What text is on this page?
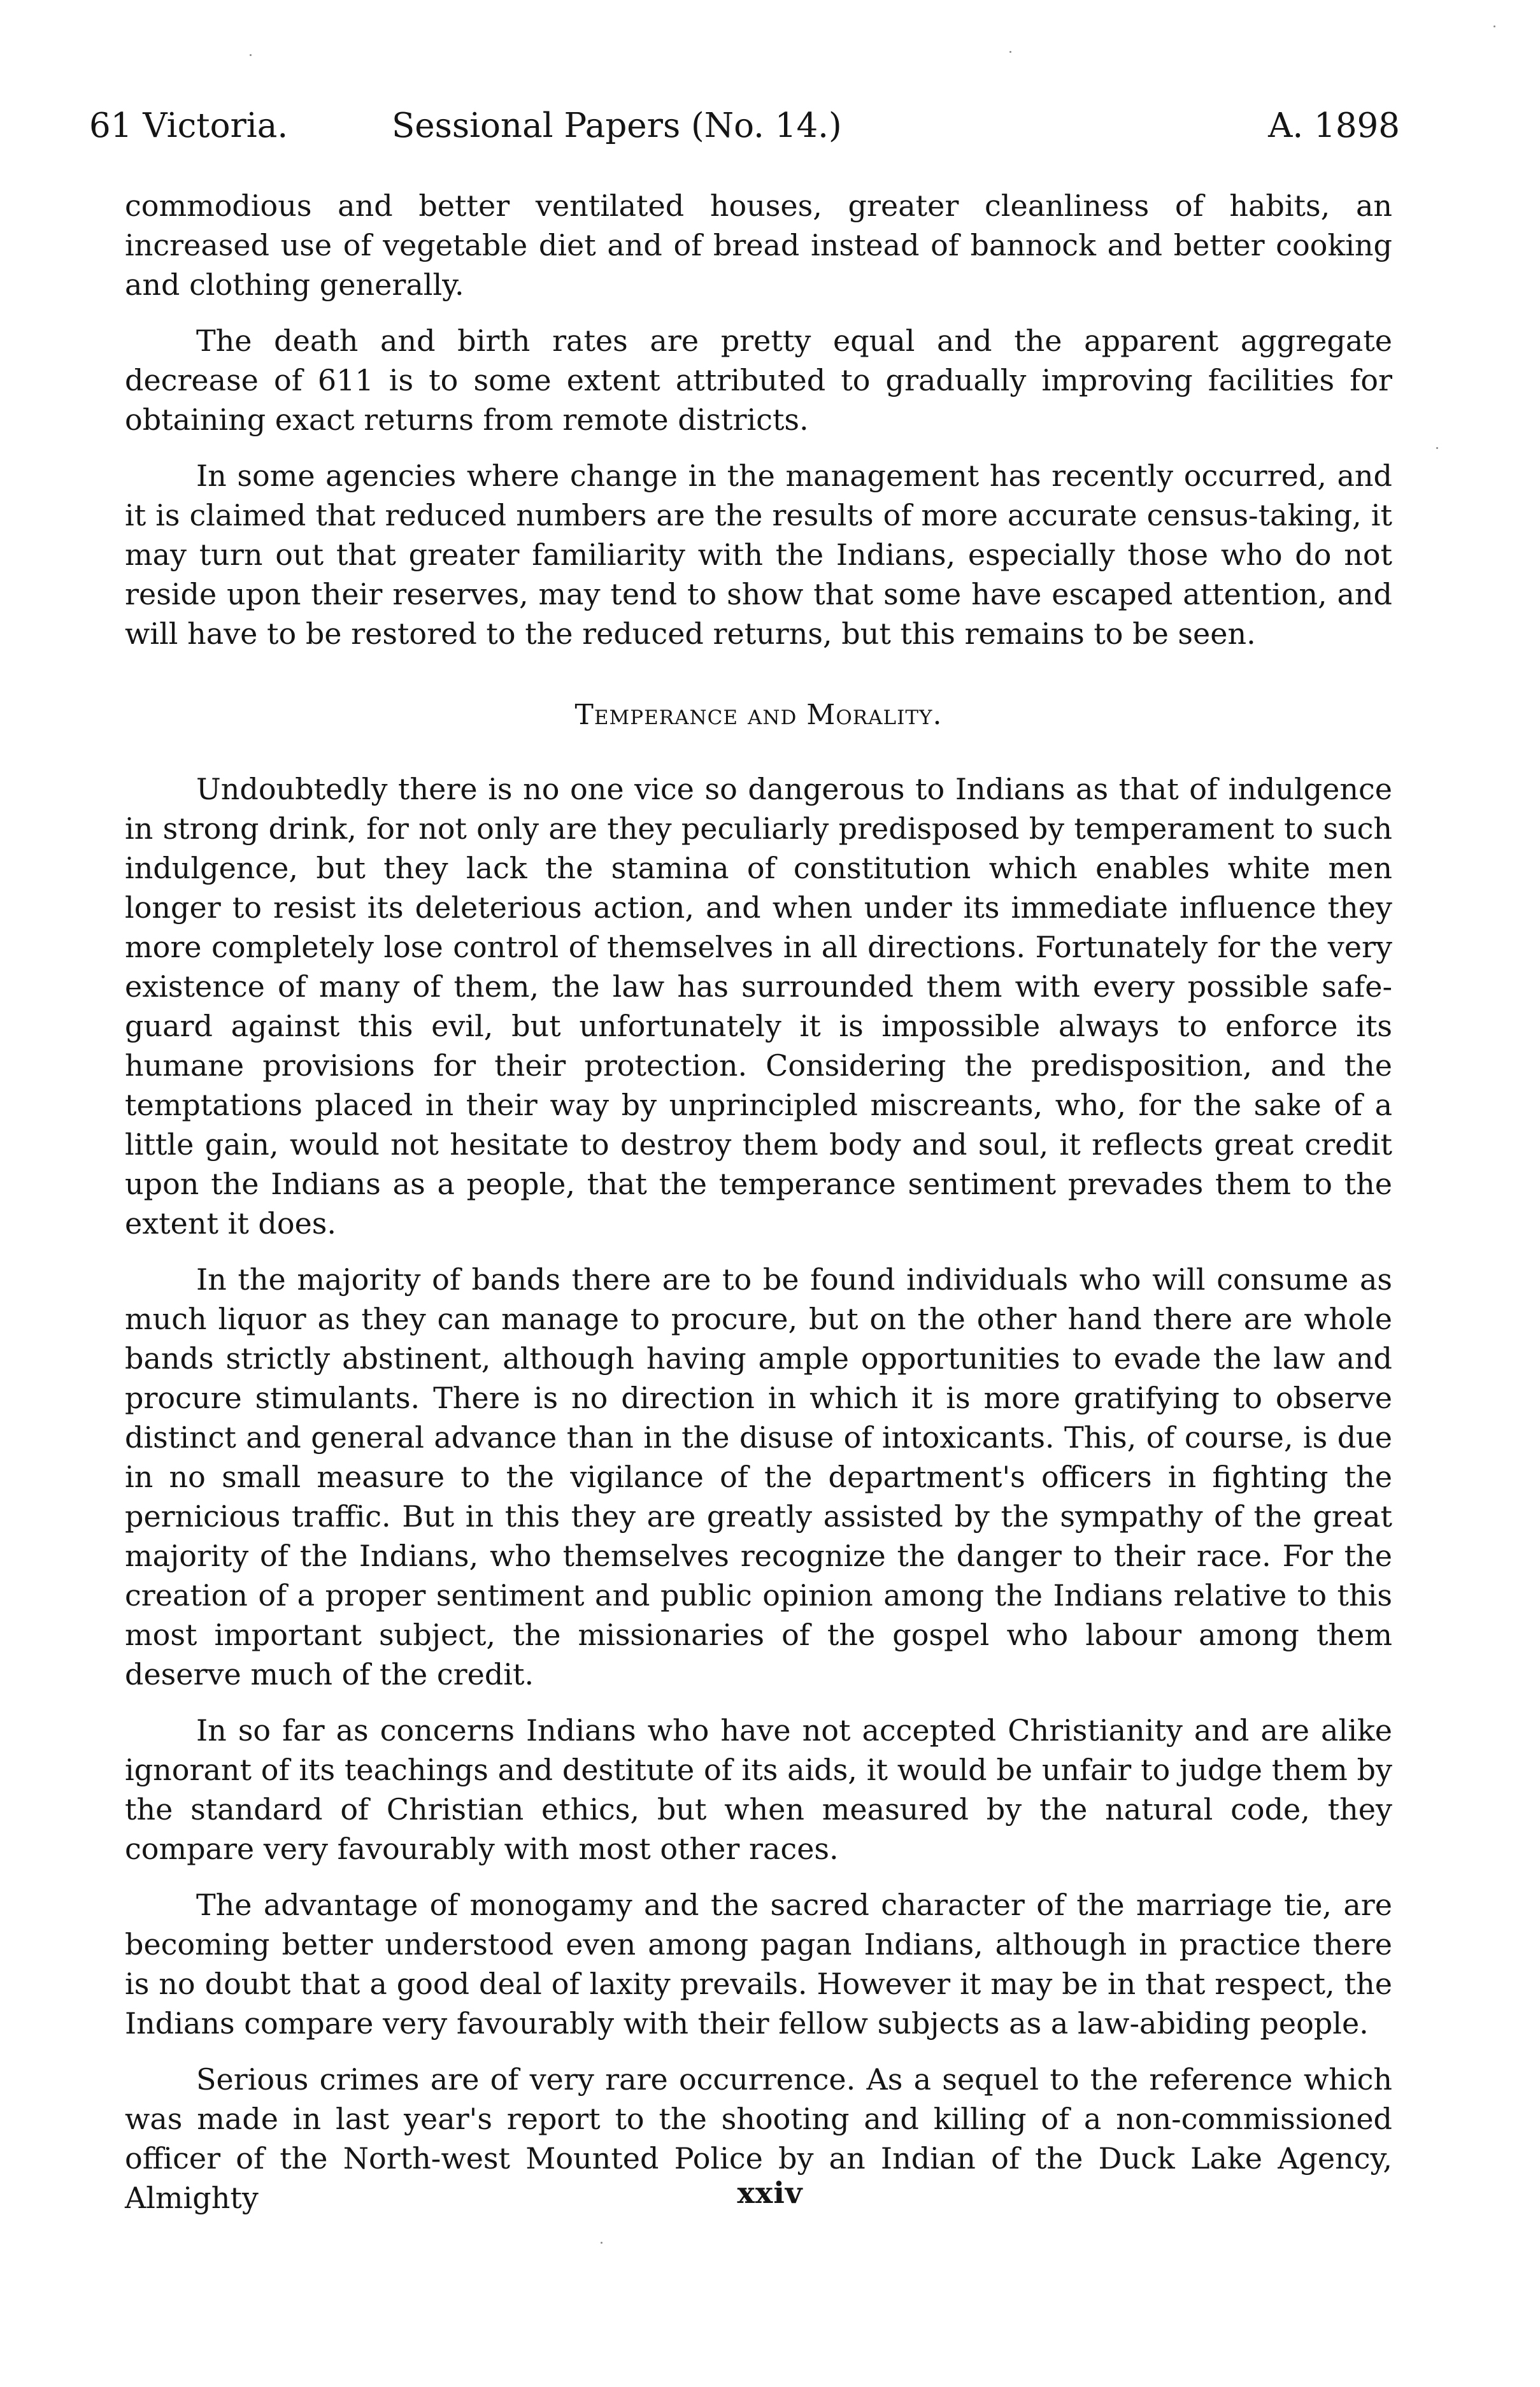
61 Victoria.	Sessional Papers (No. 14.)	A. 1898

commodious and better ventilated houses, greater cleanliness of habits, an increased use of vegetable diet and of bread instead of bannock and better cooking and clothing generally.

The death and birth rates are pretty equal and the apparent aggregate decrease of 611 is to some extent attributed to gradually improving facilities for obtaining exact returns from remote districts.

In some agencies where change in the management has recently occurred, and it is claimed that reduced numbers are the results of more accurate census-taking, it may turn out that greater familiarity with the Indians, especially those who do not reside upon their reserves, may tend to show that some have escaped attention, and will have to be restored to the reduced returns, but this remains to be seen.

Temperance and Morality.

Undoubtedly there is no one vice so dangerous to Indians as that of indulgence in strong drink, for not only are they peculiarly predisposed by temperament to such indulgence, but they lack the stamina of constitution which enables white men longer to resist its deleterious action, and when under its immediate influence they more completely lose control of themselves in all directions. Fortunately for the very existence of many of them, the law has surrounded them with every possible safe-guard against this evil, but unfortunately it is impossible always to enforce its humane provisions for their protection. Considering the predisposition, and the temptations placed in their way by unprincipled miscreants, who, for the sake of a little gain, would not hesitate to destroy them body and soul, it reflects great credit upon the Indians as a people, that the temperance sentiment prevades them to the extent it does.

In the majority of bands there are to be found individuals who will consume as much liquor as they can manage to procure, but on the other hand there are whole bands strictly abstinent, although having ample opportunities to evade the law and procure stimulants. There is no direction in which it is more gratifying to observe distinct and general advance than in the disuse of intoxicants. This, of course, is due in no small measure to the vigilance of the department's officers in fighting the pernicious traffic. But in this they are greatly assisted by the sympathy of the great majority of the Indians, who themselves recognize the danger to their race. For the creation of a proper sentiment and public opinion among the Indians relative to this most important subject, the missionaries of the gospel who labour among them deserve much of the credit.

In so far as concerns Indians who have not accepted Christianity and are alike ignorant of its teachings and destitute of its aids, it would be unfair to judge them by the standard of Christian ethics, but when measured by the natural code, they compare very favourably with most other races.

The advantage of monogamy and the sacred character of the marriage tie, are becoming better understood even among pagan Indians, although in practice there is no doubt that a good deal of laxity prevails. However it may be in that respect, the Indians compare very favourably with their fellow subjects as a law-abiding people.

Serious crimes are of very rare occurrence. As a sequel to the reference which was made in last year's report to the shooting and killing of a non-commissioned officer of the North-west Mounted Police by an Indian of the Duck Lake Agency, Almighty	xxiv
